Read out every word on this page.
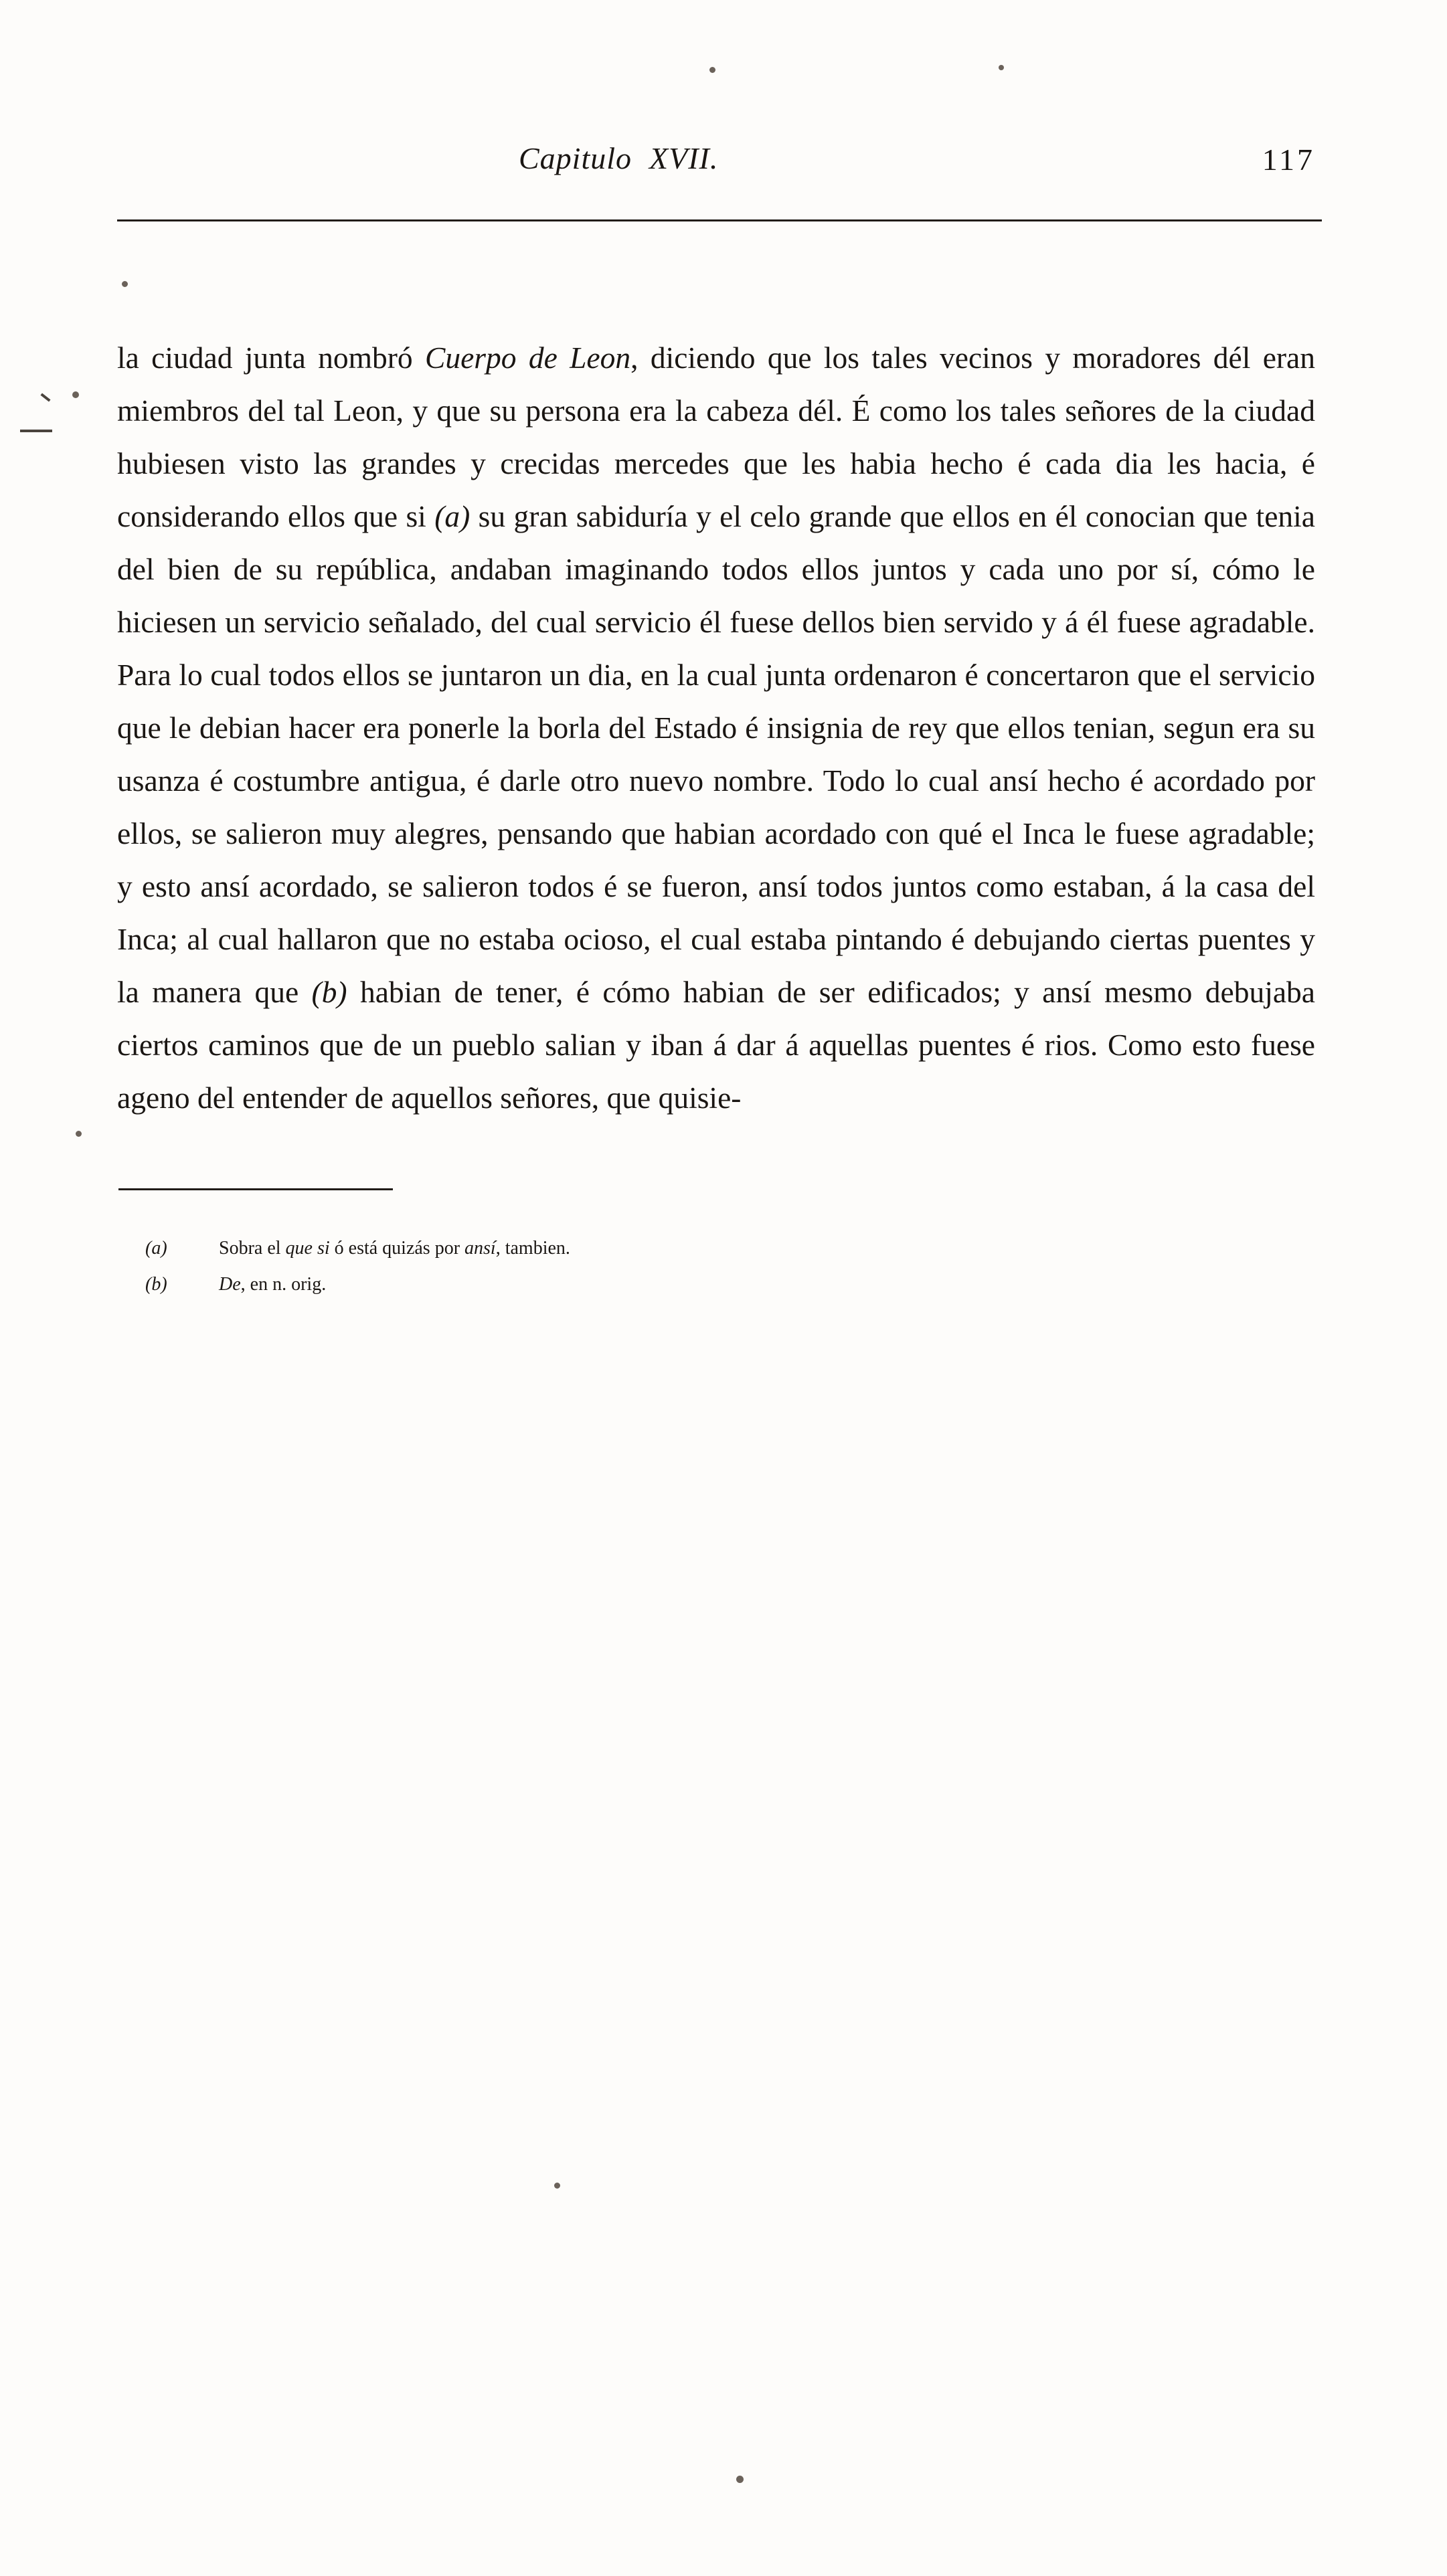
Capitulo XVII.	117

la ciudad junta nombró Cuerpo de Leon, diciendo que los tales vecinos y moradores dél eran miembros del tal Leon, y que su persona era la cabeza dél. É como los tales señores de la ciudad hubiesen visto las grandes y crecidas mercedes que les habia hecho é cada dia les hacia, é considerando ellos que si (a) su gran sabiduría y el celo grande que ellos en él conocian que tenia del bien de su república, andaban imaginando todos ellos juntos y cada uno por sí, cómo le hiciesen un servicio señalado, del cual servicio él fuese dellos bien servido y á él fuese agradable. Para lo cual todos ellos se juntaron un dia, en la cual junta ordenaron é concertaron que el servicio que le debian hacer era ponerle la borla del Estado é insignia de rey que ellos tenian, segun era su usanza é costumbre antigua, é darle otro nuevo nombre. Todo lo cual ansí hecho é acordado por ellos, se salieron muy alegres, pensando que habian acordado con qué el Inca le fuese agradable; y esto ansí acordado, se salieron todos é se fueron, ansí todos juntos como estaban, á la casa del Inca; al cual hallaron que no estaba ocioso, el cual estaba pintando é debujando ciertas puentes y la manera que (b) habian de tener, é cómo habian de ser edificados; y ansí mesmo debujaba ciertos caminos que de un pueblo salian y iban á dar á aquellas puentes é rios. Como esto fuese ageno del entender de aquellos señores, que quisie-

(a)	Sobra el que si ó está quizás por ansí, tambien.
(b)	De, en n. orig.
